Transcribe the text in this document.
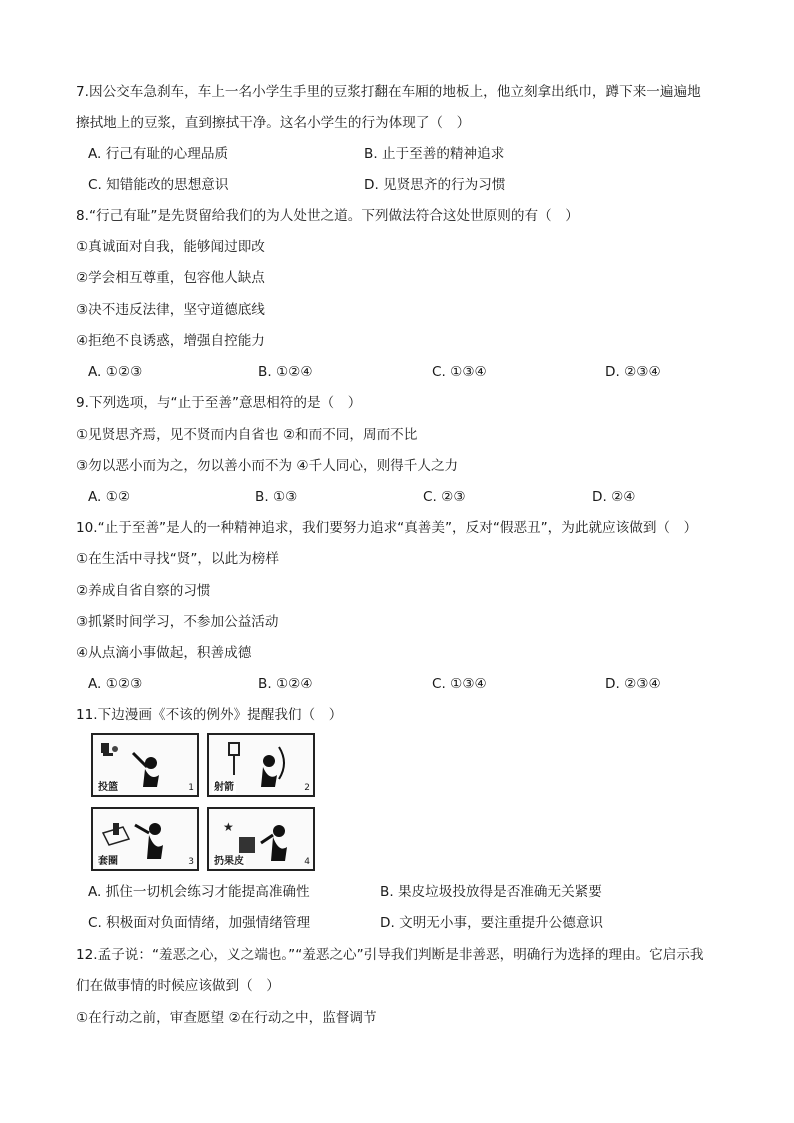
7.因公交车急刹车，车上一名小学生手里的豆浆打翻在车厢的地板上，他立刻拿出纸巾，蹲下来一遍遍地
擦拭地上的豆浆，直到擦拭干净。这名小学生的行为体现了（　）
A. 行己有耻的心理品质	B. 止于至善的精神追求
C. 知错能改的思想意识	D. 见贤思齐的行为习惯
8.“行己有耻”是先贤留给我们的为人处世之道。下列做法符合这处世原则的有（　）
①真诚面对自我，能够闻过即改
②学会相互尊重，包容他人缺点
③决不违反法律，坚守道德底线
④拒绝不良诱惑，增强自控能力
A. ①②③	B. ①②④	C. ①③④	D. ②③④
9.下列选项，与“止于至善”意思相符的是（　）
①见贤思齐焉，见不贤而内自省也 ②和而不同，周而不比
③勿以恶小而为之，勿以善小而不为 ④千人同心，则得千人之力
A. ①②	B. ①③	C. ②③	D. ②④
10.“止于至善”是人的一种精神追求，我们要努力追求“真善美”，反对“假恶丑”，为此就应该做到（　）
①在生活中寻找“贤”，以此为榜样
②养成自省自察的习惯
③抓紧时间学习，不参加公益活动
④从点滴小事做起，积善成德
A. ①②③	B. ①②④	C. ①③④	D. ②③④
11.下边漫画《不该的例外》提醒我们（　）
投篮	1 射箭	2
套圈	3
★
扔果皮	4
A. 抓住一切机会练习才能提高准确性	B. 果皮垃圾投放得是否准确无关紧要
C. 积极面对负面情绪，加强情绪管理	D. 文明无小事，要注重提升公德意识
12.孟子说：“羞恶之心，义之端也。”“羞恶之心”引导我们判断是非善恶，明确行为选择的理由。它启示我
们在做事情的时候应该做到（　）
①在行动之前，审查愿望 ②在行动之中，监督调节
